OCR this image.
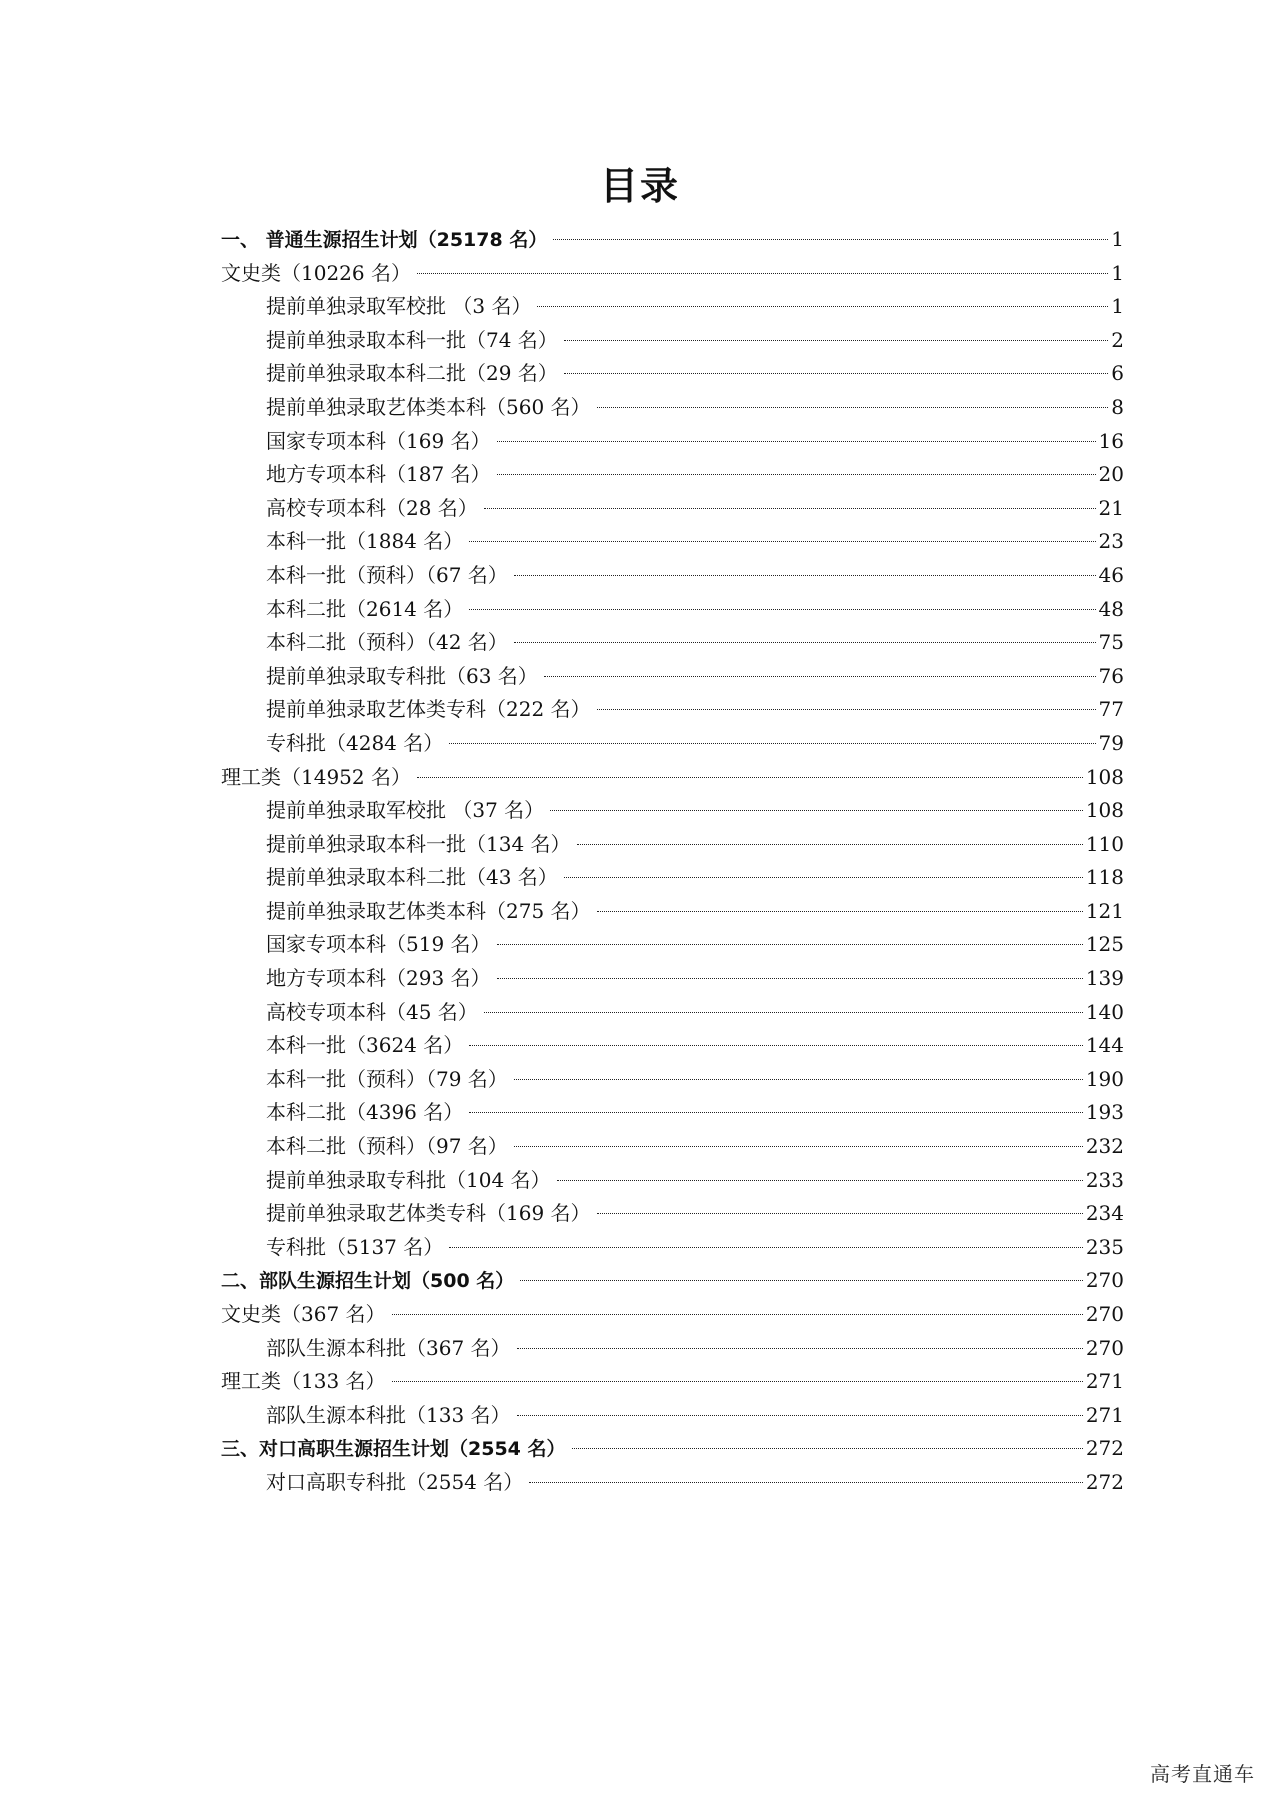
目录
一、 普通生源招生计划（25178 名）	1
文史类（10226 名）	1
提前单独录取军校批 （3 名）	1
提前单独录取本科一批（74 名）	2
提前单独录取本科二批（29 名）	6
提前单独录取艺体类本科（560 名）	8
国家专项本科（169 名）	16
地方专项本科（187 名）	20
高校专项本科（28 名）	21
本科一批（1884 名）	23
本科一批（预科）（67 名）	46
本科二批（2614 名）	48
本科二批（预科）（42 名）	75
提前单独录取专科批（63 名）	76
提前单独录取艺体类专科（222 名）	77
专科批（4284 名）	79
理工类（14952 名）	108
提前单独录取军校批 （37 名）	108
提前单独录取本科一批（134 名）	110
提前单独录取本科二批（43 名）	118
提前单独录取艺体类本科（275 名）	121
国家专项本科（519 名）	125
地方专项本科（293 名）	139
高校专项本科（45 名）	140
本科一批（3624 名）	144
本科一批（预科）（79 名）	190
本科二批（4396 名）	193
本科二批（预科）（97 名）	232
提前单独录取专科批（104 名）	233
提前单独录取艺体类专科（169 名）	234
专科批（5137 名）	235
二、部队生源招生计划（500 名）	270
文史类（367 名）	270
部队生源本科批（367 名）	270
理工类（133 名）	271
部队生源本科批（133 名）	271
三、对口高职生源招生计划（2554 名）	272
对口高职专科批（2554 名）	272
高考直通车
